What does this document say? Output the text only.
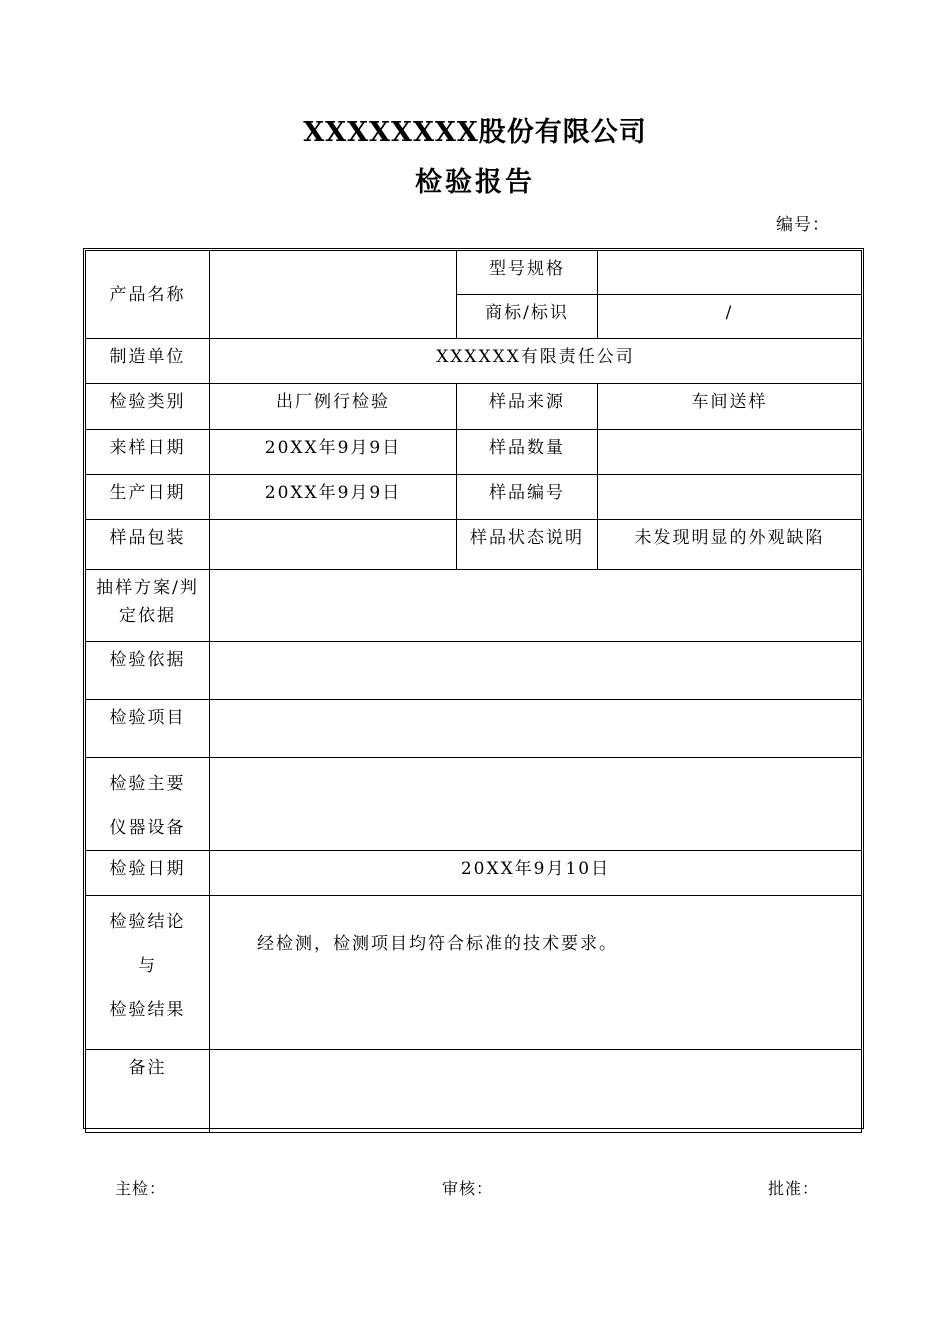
XXXXXXXX股份有限公司
检验报告
编号：
产品名称		型号规格	
		商标/标识	/
制造单位	XXXXXX有限责任公司		
检验类别	出厂例行检验	样品来源	车间送样
来样日期	20XX年9月9日	样品数量	
生产日期	20XX年9月9日	样品编号	
样品包装		样品状态说明	未发现明显的外观缺陷
抽样方案/判定依据			
检验依据			
检验项目			

检验主要
仪器设备			

检验日期	20XX年9月10日		

检验结论
与
检验结果	经检测，检测项目均符合标准的技术要求。		
备注			
主检：	审核：	批准：
